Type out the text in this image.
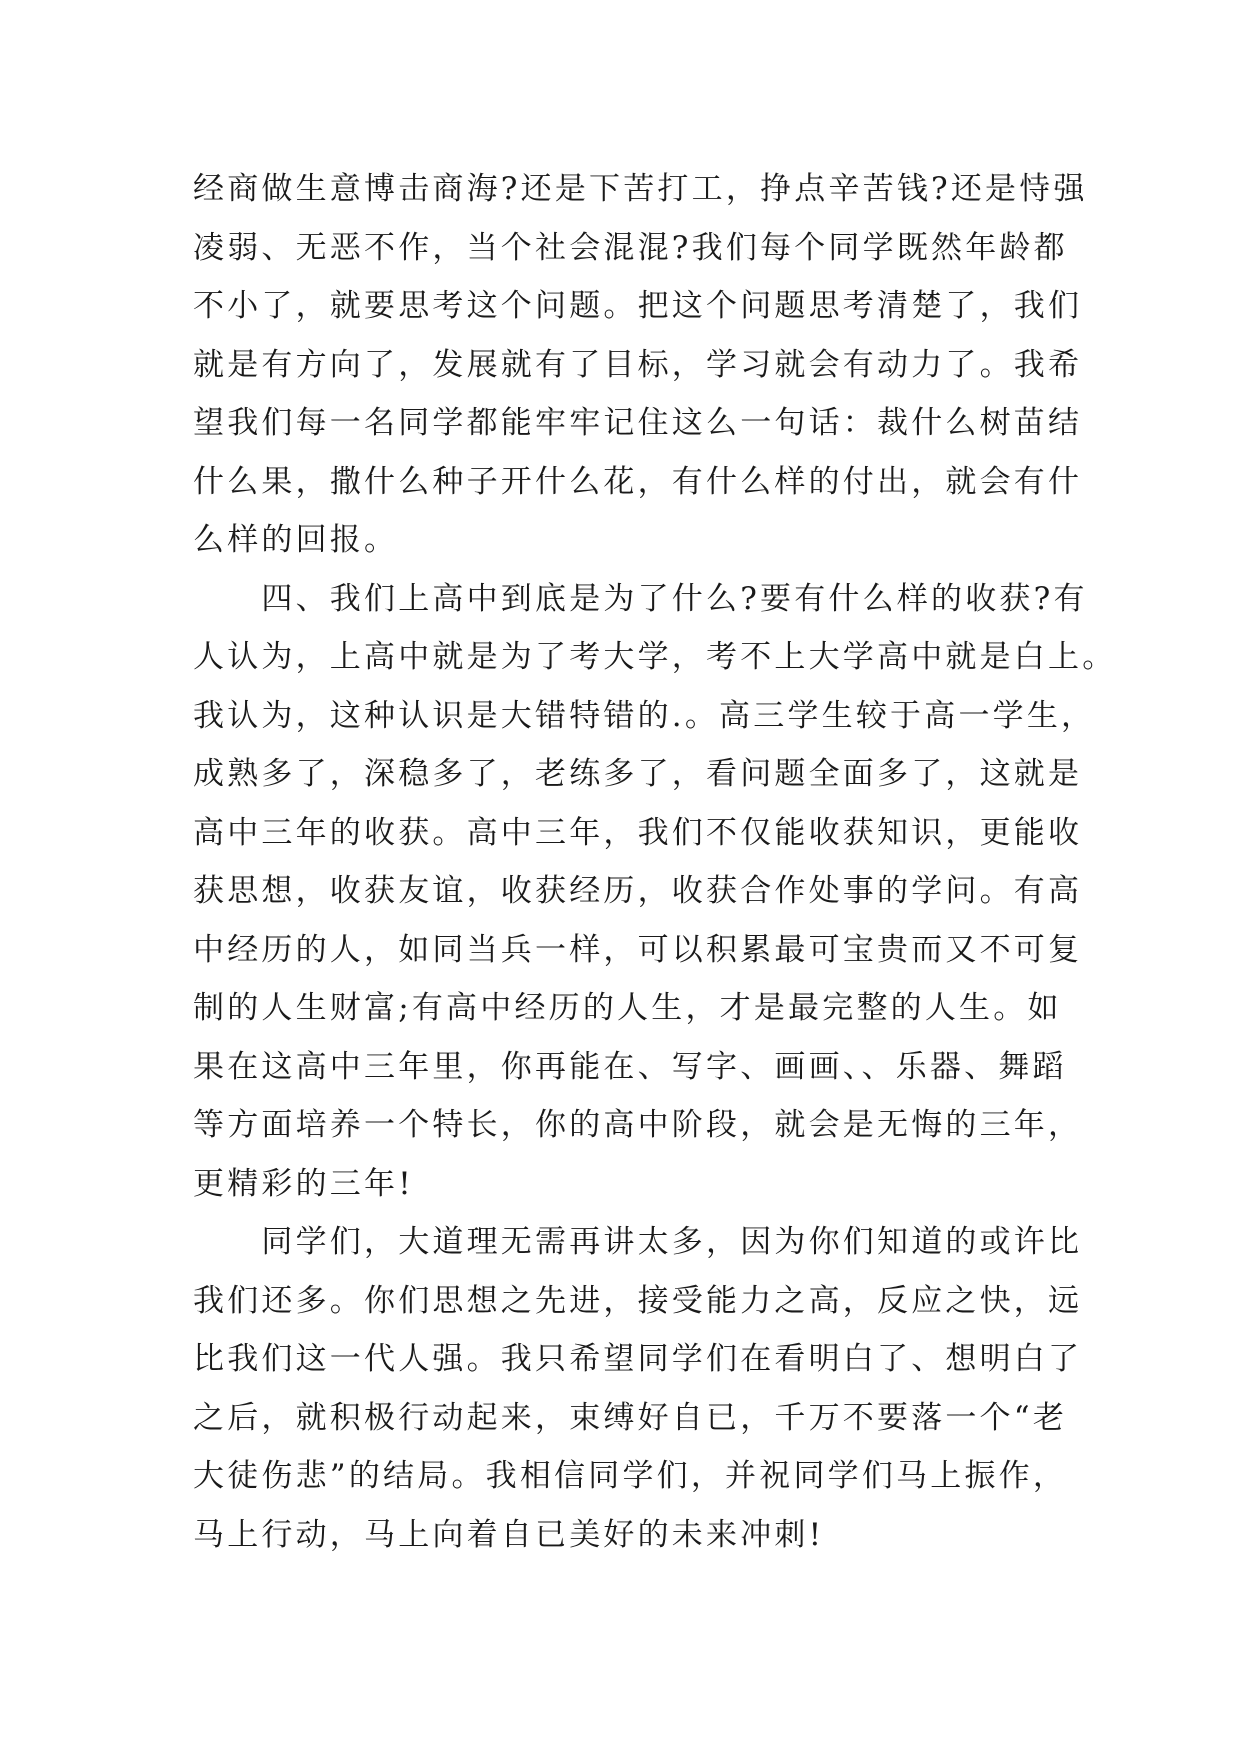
经商做生意博击商海?还是下苦打工，挣点辛苦钱?还是恃强
凌弱、无恶不作，当个社会混混?我们每个同学既然年龄都
不小了，就要思考这个问题。把这个问题思考清楚了，我们
就是有方向了，发展就有了目标，学习就会有动力了。我希
望我们每一名同学都能牢牢记住这么一句话：裁什么树苗结
什么果，撒什么种子开什么花，有什么样的付出，就会有什
么样的回报。
　　四、我们上高中到底是为了什么?要有什么样的收获?有
人认为，上高中就是为了考大学，考不上大学高中就是白上。
我认为，这种认识是大错特错的.。高三学生较于高一学生，
成熟多了，深稳多了，老练多了，看问题全面多了，这就是
高中三年的收获。高中三年，我们不仅能收获知识，更能收
获思想，收获友谊，收获经历，收获合作处事的学问。有高
中经历的人，如同当兵一样，可以积累最可宝贵而又不可复
制的人生财富;有高中经历的人生，才是最完整的人生。如
果在这高中三年里，你再能在、写字、画画、、乐器、舞蹈
等方面培养一个特长，你的高中阶段，就会是无悔的三年，
更精彩的三年!
　　同学们，大道理无需再讲太多，因为你们知道的或许比
我们还多。你们思想之先进，接受能力之高，反应之快，远
比我们这一代人强。我只希望同学们在看明白了、想明白了
之后，就积极行动起来，束缚好自已，千万不要落一个“老
大徒伤悲”的结局。我相信同学们，并祝同学们马上振作，
马上行动，马上向着自已美好的未来冲刺!
